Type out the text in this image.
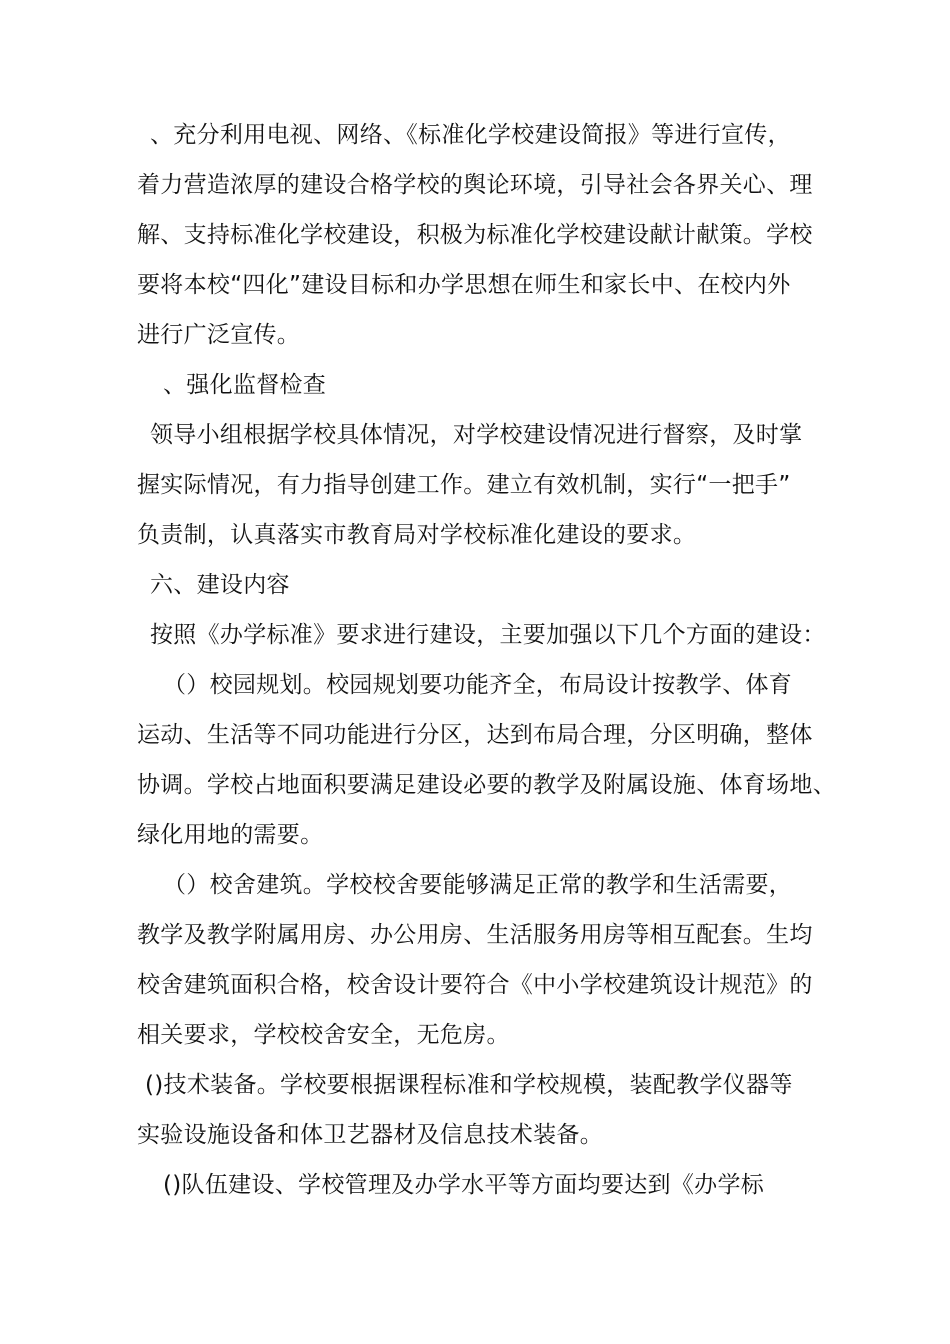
、充分利用电视、网络、《标准化学校建设简报》等进行宣传，
着力营造浓厚的建设合格学校的舆论环境，引导社会各界关心、理
解、支持标准化学校建设，积极为标准化学校建设献计献策。学校
要将本校“四化”建设目标和办学思想在师生和家长中、在校内外
进行广泛宣传。
、强化监督检查
领导小组根据学校具体情况，对学校建设情况进行督察，及时掌
握实际情况，有力指导创建工作。建立有效机制，实行“一把手”
负责制，认真落实市教育局对学校标准化建设的要求。
六、建设内容
按照《办学标准》要求进行建设，主要加强以下几个方面的建设：
（）校园规划。校园规划要功能齐全，布局设计按教学、体育
运动、生活等不同功能进行分区，达到布局合理，分区明确，整体
协调。学校占地面积要满足建设必要的教学及附属设施、体育场地、
绿化用地的需要。
（）校舍建筑。学校校舍要能够满足正常的教学和生活需要，
教学及教学附属用房、办公用房、生活服务用房等相互配套。生均
校舍建筑面积合格，校舍设计要符合《中小学校建筑设计规范》的
相关要求，学校校舍安全，无危房。
()技术装备。学校要根据课程标准和学校规模，装配教学仪器等
实验设施设备和体卫艺器材及信息技术装备。
()队伍建设、学校管理及办学水平等方面均要达到《办学标
